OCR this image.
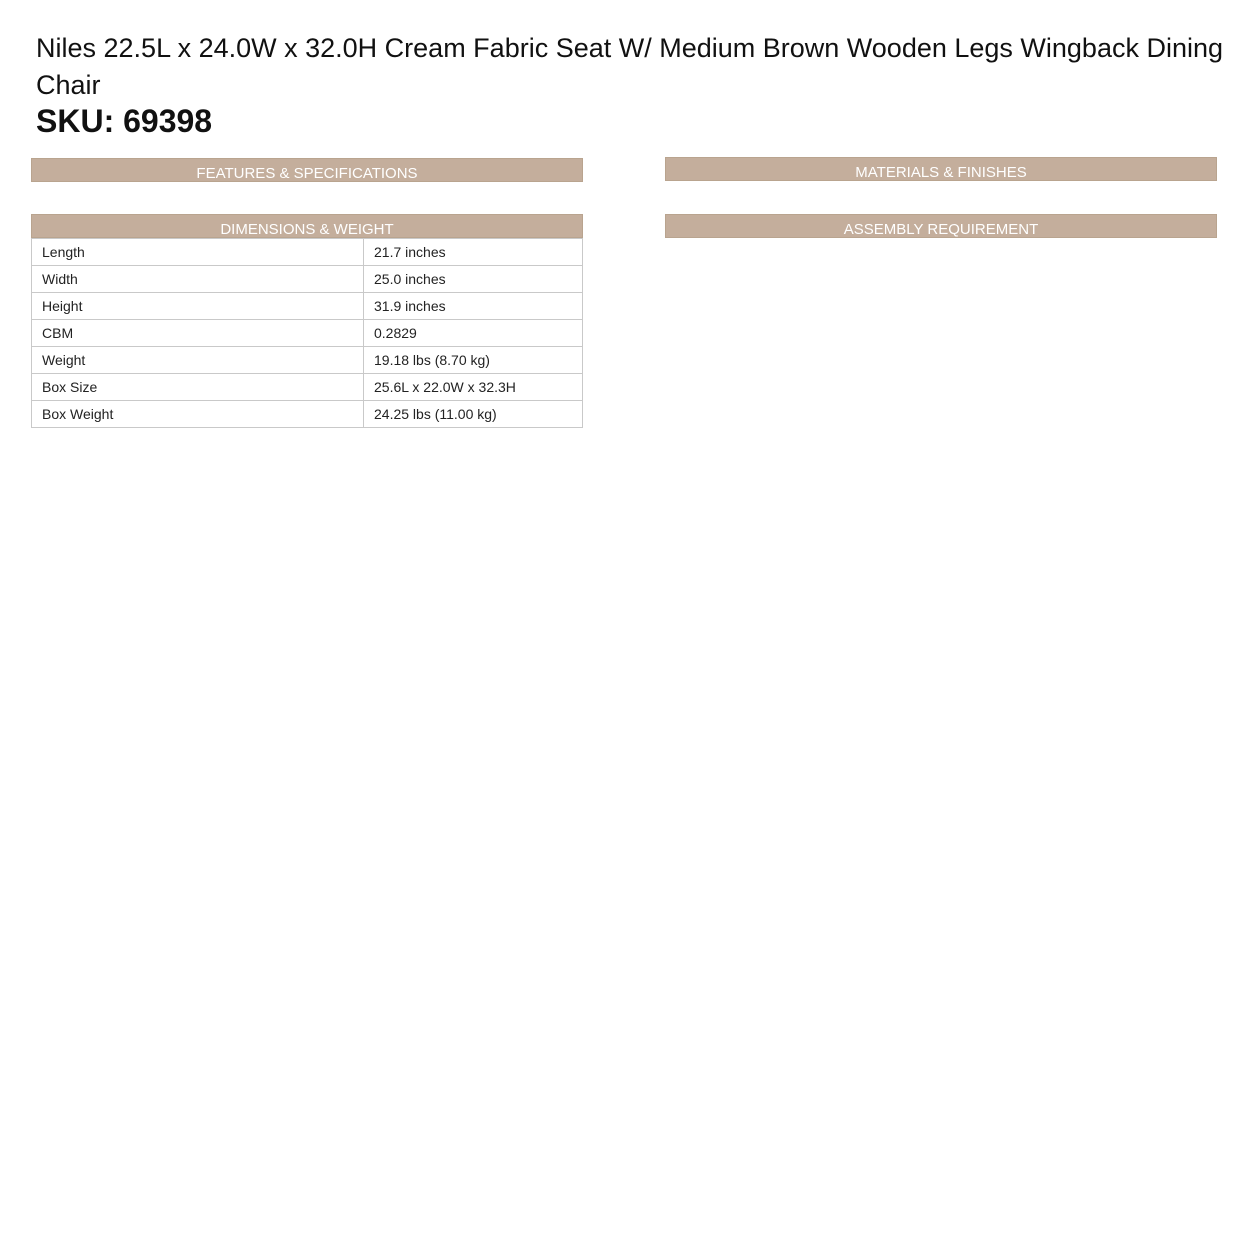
Niles 22.5L x 24.0W x 32.0H Cream Fabric Seat W/ Medium Brown Wooden Legs Wingback Dining Chair
SKU: 69398
FEATURES & SPECIFICATIONS	MATERIALS & FINISHES
DIMENSIONS & WEIGHT	ASSEMBLY REQUIREMENT
Length	21.7 inches
Width	25.0 inches
Height	31.9 inches
CBM	0.2829
Weight	19.18 lbs (8.70 kg)
Box Size	25.6L x 22.0W x 32.3H
Box Weight	24.25 lbs (11.00 kg)
